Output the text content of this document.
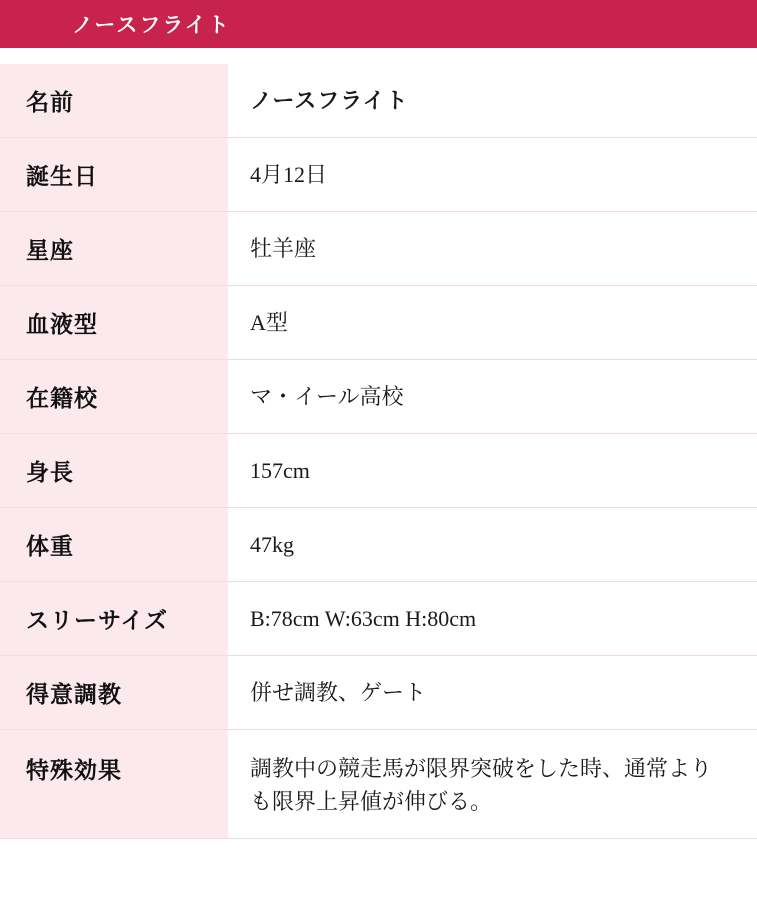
ノースフライト
名前	ノースフライト
誕生日	4月12日
星座	牡羊座
血液型	A型
在籍校	マ・イール高校
身長	157cm
体重	47kg
スリーサイズ	B:78cm W:63cm H:80cm
得意調教	併せ調教、ゲート
特殊効果	調教中の競走馬が限界突破をした時、通常よりも限界上昇値が伸びる。
